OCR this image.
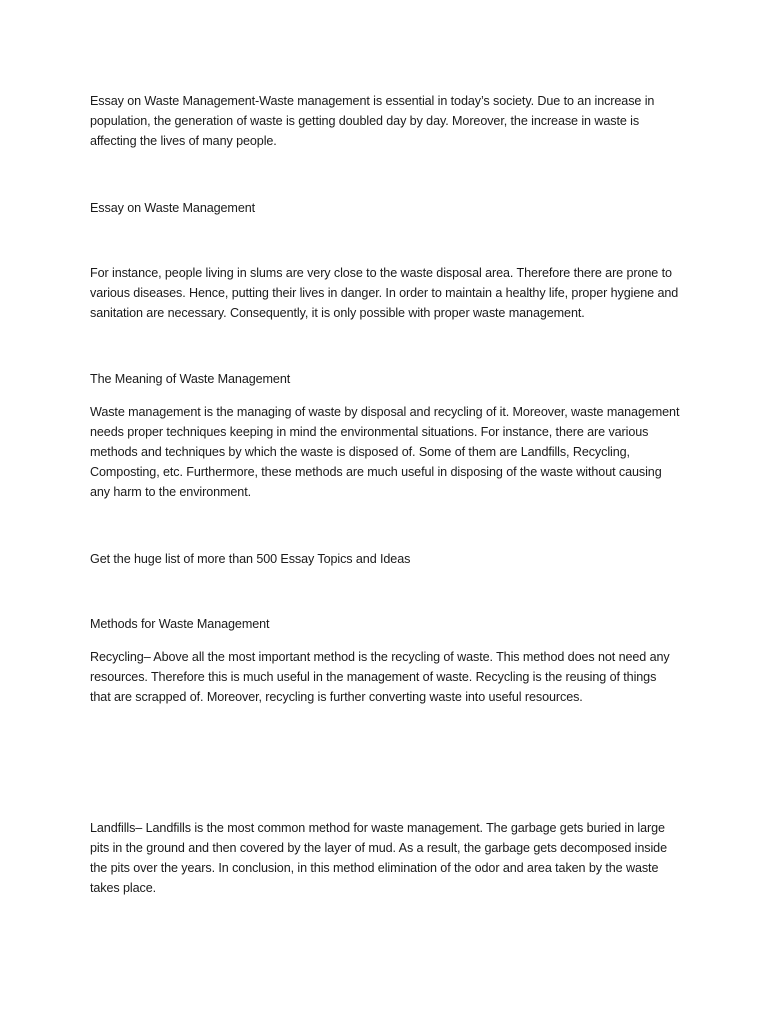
Essay on Waste Management-Waste management is essential in today’s society. Due to an increase in population, the generation of waste is getting doubled day by day. Moreover, the increase in waste is affecting the lives of many people.

Essay on Waste Management

For instance, people living in slums are very close to the waste disposal area. Therefore there are prone to various diseases. Hence, putting their lives in danger. In order to maintain a healthy life, proper hygiene and sanitation are necessary. Consequently, it is only possible with proper waste management.

The Meaning of Waste Management

Waste management is the managing of waste by disposal and recycling of it. Moreover, waste management needs proper techniques keeping in mind the environmental situations. For instance, there are various methods and techniques by which the waste is disposed of. Some of them are Landfills, Recycling, Composting, etc. Furthermore, these methods are much useful in disposing of the waste without causing any harm to the environment.

Get the huge list of more than 500 Essay Topics and Ideas

Methods for Waste Management

Recycling– Above all the most important method is the recycling of waste. This method does not need any resources. Therefore this is much useful in the management of waste. Recycling is the reusing of things that are scrapped of. Moreover, recycling is further converting waste into useful resources.

Landfills– Landfills is the most common method for waste management. The garbage gets buried in large pits in the ground and then covered by the layer of mud. As a result, the garbage gets decomposed inside the pits over the years. In conclusion, in this method elimination of the odor and area taken by the waste takes place.
